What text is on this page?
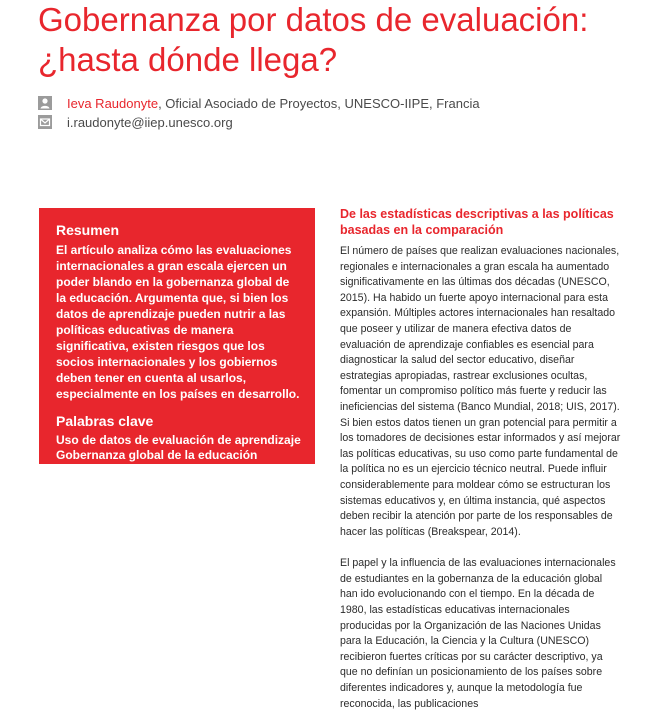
Gobernanza por datos de evaluación: ¿hasta dónde llega?
Ieva Raudonyte , Oficial Asociado de Proyectos, UNESCO-IIPE, Francia
i.raudonyte@iiep.unesco.org

Resumen

El artículo analiza cómo las evaluaciones internacionales a gran escala ejercen un poder blando en la gobernanza global de la educación. Argumenta que, si bien los datos de aprendizaje pueden nutrir a las políticas educativas de manera significativa, existen riesgos que los socios internacionales y los gobiernos deben tener en cuenta al usarlos, especialmente en los países en desarrollo.

Palabras clave

Uso de datos de evaluación de aprendizaje
Gobernanza global de la educación

De las estadísticas descriptivas a las políticas basadas en la comparación

El número de países que realizan evaluaciones nacionales, regionales e internacionales a gran escala ha aumentado significativamente en las últimas dos décadas (UNESCO, 2015). Ha habido un fuerte apoyo internacional para esta expansión. Múltiples actores internacionales han resaltado que poseer y utilizar de manera efectiva datos de evaluación de aprendizaje confiables es esencial para diagnosticar la salud del sector educativo, diseñar estrategias apropiadas, rastrear exclusiones ocultas, fomentar un compromiso político más fuerte y reducir las ineficiencias del sistema (Banco Mundial, 2018; UIS, 2017). Si bien estos datos tienen un gran potencial para permitir a los tomadores de decisiones estar informados y así mejorar las políticas educativas, su uso como parte fundamental de la política no es un ejercicio técnico neutral. Puede influir considerablemente para moldear cómo se estructuran los sistemas educativos y, en última instancia, qué aspectos deben recibir la atención por parte de los responsables de hacer las políticas (Breakspear, 2014).

El papel y la influencia de las evaluaciones internacionales de estudiantes en la gobernanza de la educación global han ido evolucionando con el tiempo. En la década de 1980, las estadísticas educativas internacionales producidas por la Organización de las Naciones Unidas para la Educación, la Ciencia y la Cultura (UNESCO) recibieron fuertes críticas por su carácter descriptivo, ya que no definían un posicionamiento de los países sobre diferentes indicadores y, aunque la metodología fue reconocida, las publicaciones
